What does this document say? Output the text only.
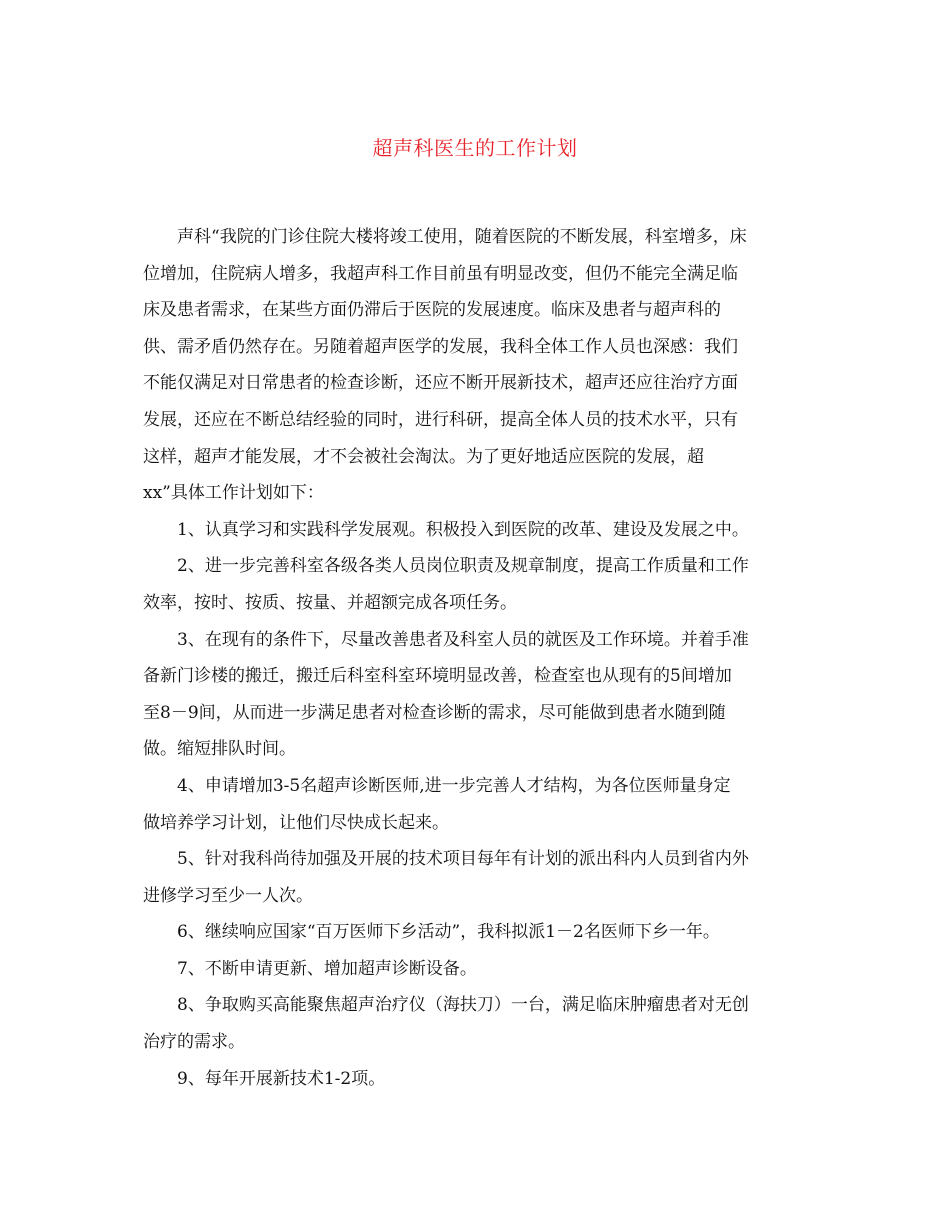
超声科医生的工作计划

声科“我院的门诊住院大楼将竣工使用，随着医院的不断发展，科室增多，床
位增加，住院病人增多，我超声科工作目前虽有明显改变，但仍不能完全满足临
床及患者需求，在某些方面仍滞后于医院的发展速度。临床及患者与超声科的
供、需矛盾仍然存在。另随着超声医学的发展，我科全体工作人员也深感：我们
不能仅满足对日常患者的检查诊断，还应不断开展新技术，超声还应往治疗方面
发展，还应在不断总结经验的同时，进行科研，提高全体人员的技术水平，只有
这样，超声才能发展，才不会被社会淘汰。为了更好地适应医院的发展，超
xx”具体工作计划如下：

1、认真学习和实践科学发展观。积极投入到医院的改革、建设及发展之中。

2、进一步完善科室各级各类人员岗位职责及规章制度，提高工作质量和工作
效率，按时、按质、按量、并超额完成各项任务。

3、在现有的条件下，尽量改善患者及科室人员的就医及工作环境。并着手准
备新门诊楼的搬迁，搬迁后科室科室环境明显改善，检查室也从现有的5间增加
至8－9间，从而进一步满足患者对检查诊断的需求，尽可能做到患者水随到随
做。缩短排队时间。

4、申请增加3-5名超声诊断医师,进一步完善人才结构，为各位医师量身定
做培养学习计划，让他们尽快成长起来。

5、针对我科尚待加强及开展的技术项目每年有计划的派出科内人员到省内外
进修学习至少一人次。

6、继续响应国家“百万医师下乡活动”，我科拟派1－2名医师下乡一年。

7、不断申请更新、增加超声诊断设备。

8、争取购买高能聚焦超声治疗仪（海扶刀）一台，满足临床肿瘤患者对无创
治疗的需求。

9、每年开展新技术1-2项。
